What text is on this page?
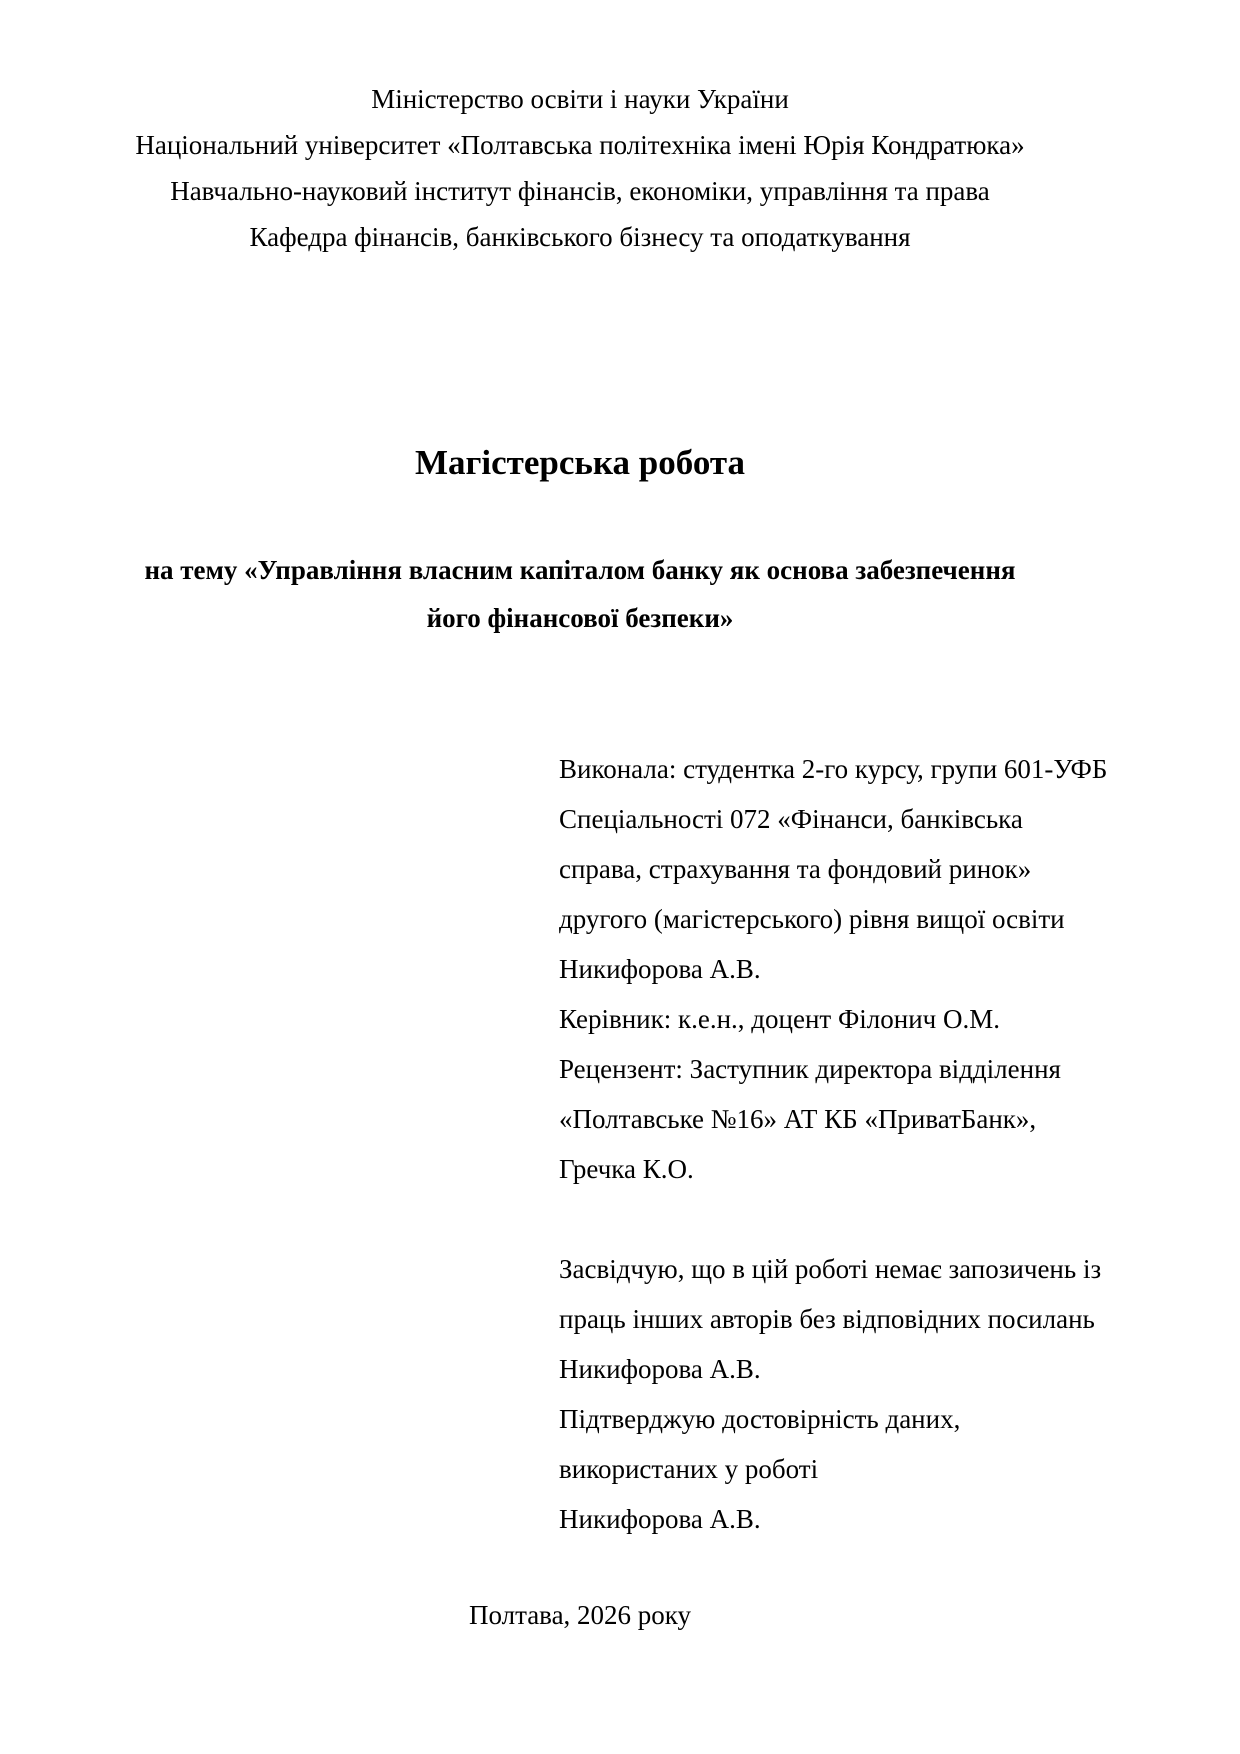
Міністерство освіти і науки України
Національний університет «Полтавська політехніка імені Юрія Кондратюка»
Навчально-науковий інститут фінансів, економіки, управління та права
Кафедра фінансів, банківського бізнесу та оподаткування
Магістерська робота
на тему «Управління власним капіталом банку як основа забезпечення
його фінансової безпеки»
Виконала: студентка 2-го курсу, групи 601-УФБ
Спеціальності 072 «Фінанси, банківська
справа, страхування та фондовий ринок»
другого (магістерського) рівня вищої освіти
Никифорова А.В.
Керівник: к.е.н., доцент Філонич О.М.
Рецензент: Заступник директора відділення
«Полтавське №16» АТ КБ «ПриватБанк»,
Гречка К.О.
Засвідчую, що в цій роботі немає запозичень із
праць інших авторів без відповідних посилань
Никифорова А.В.
Підтверджую достовірність даних,
використаних у роботі
Никифорова А.В.
Полтава, 2026 року
